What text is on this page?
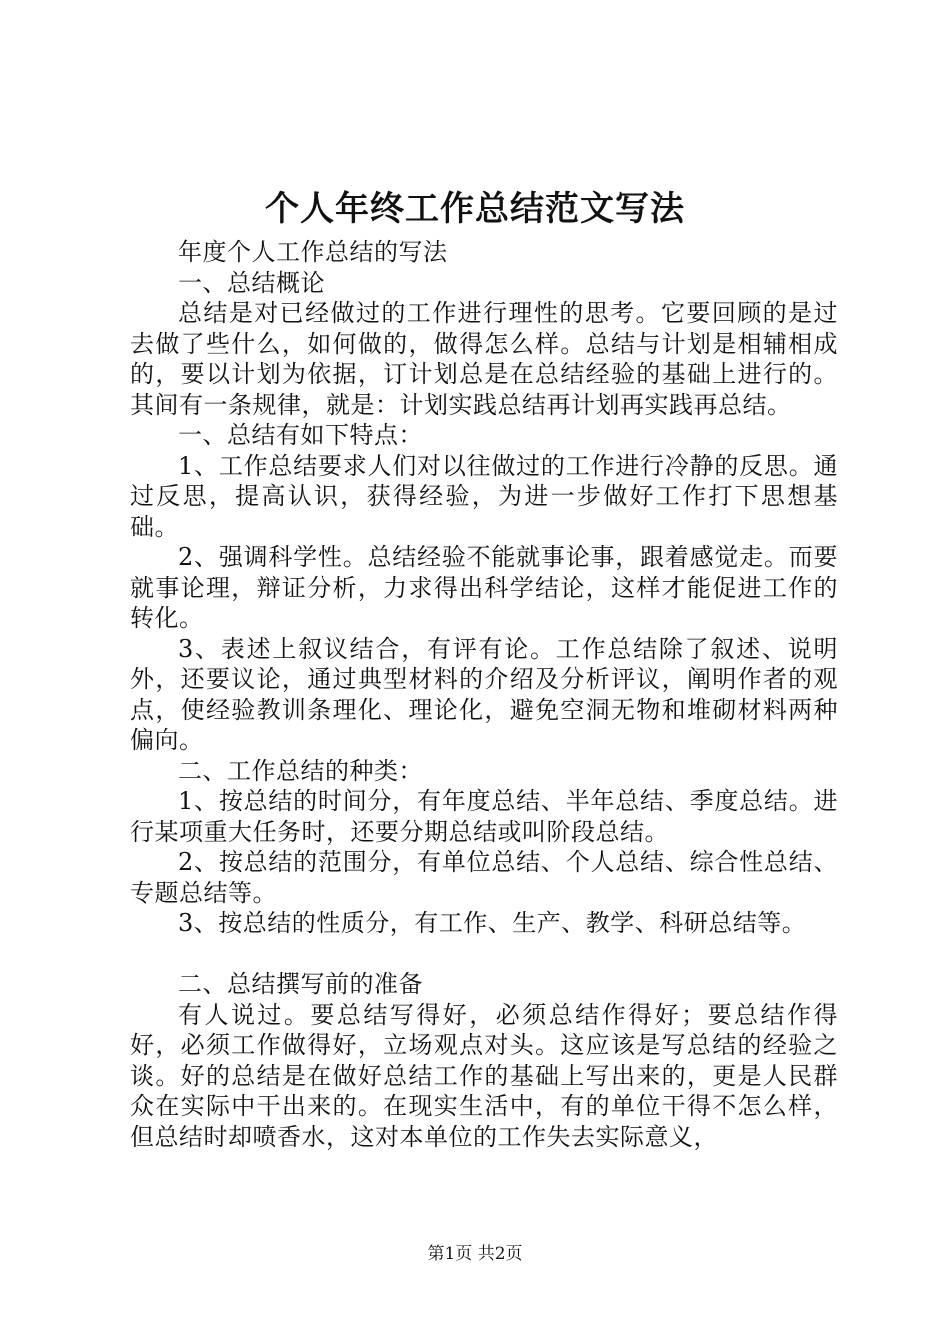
个人年终工作总结范文写法

年度个人工作总结的写法

一、总结概论

总结是对已经做过的工作进行理性的思考。它要回顾的是过去做了些什么，如何做的，做得怎么样。总结与计划是相辅相成的，要以计划为依据，订计划总是在总结经验的基础上进行的。其间有一条规律，就是：计划实践总结再计划再实践再总结。

一、总结有如下特点：

1、工作总结要求人们对以往做过的工作进行冷静的反思。通过反思，提高认识，获得经验，为进一步做好工作打下思想基础。

2、强调科学性。总结经验不能就事论事，跟着感觉走。而要就事论理，辩证分析，力求得出科学结论，这样才能促进工作的转化。

3、表述上叙议结合，有评有论。工作总结除了叙述、说明外，还要议论，通过典型材料的介绍及分析评议，阐明作者的观点，使经验教训条理化、理论化，避免空洞无物和堆砌材料两种偏向。

二、工作总结的种类：

1、按总结的时间分，有年度总结、半年总结、季度总结。进行某项重大任务时，还要分期总结或叫阶段总结。

2、按总结的范围分，有单位总结、个人总结、综合性总结、专题总结等。

3、按总结的性质分，有工作、生产、教学、科研总结等。

二、总结撰写前的准备

有人说过。要总结写得好，必须总结作得好；要总结作得好，必须工作做得好，立场观点对头。这应该是写总结的经验之谈。好的总结是在做好总结工作的基础上写出来的，更是人民群众在实际中干出来的。在现实生活中，有的单位干得不怎么样，但总结时却喷香水，这对本单位的工作失去实际意义，

第1页 共2页
